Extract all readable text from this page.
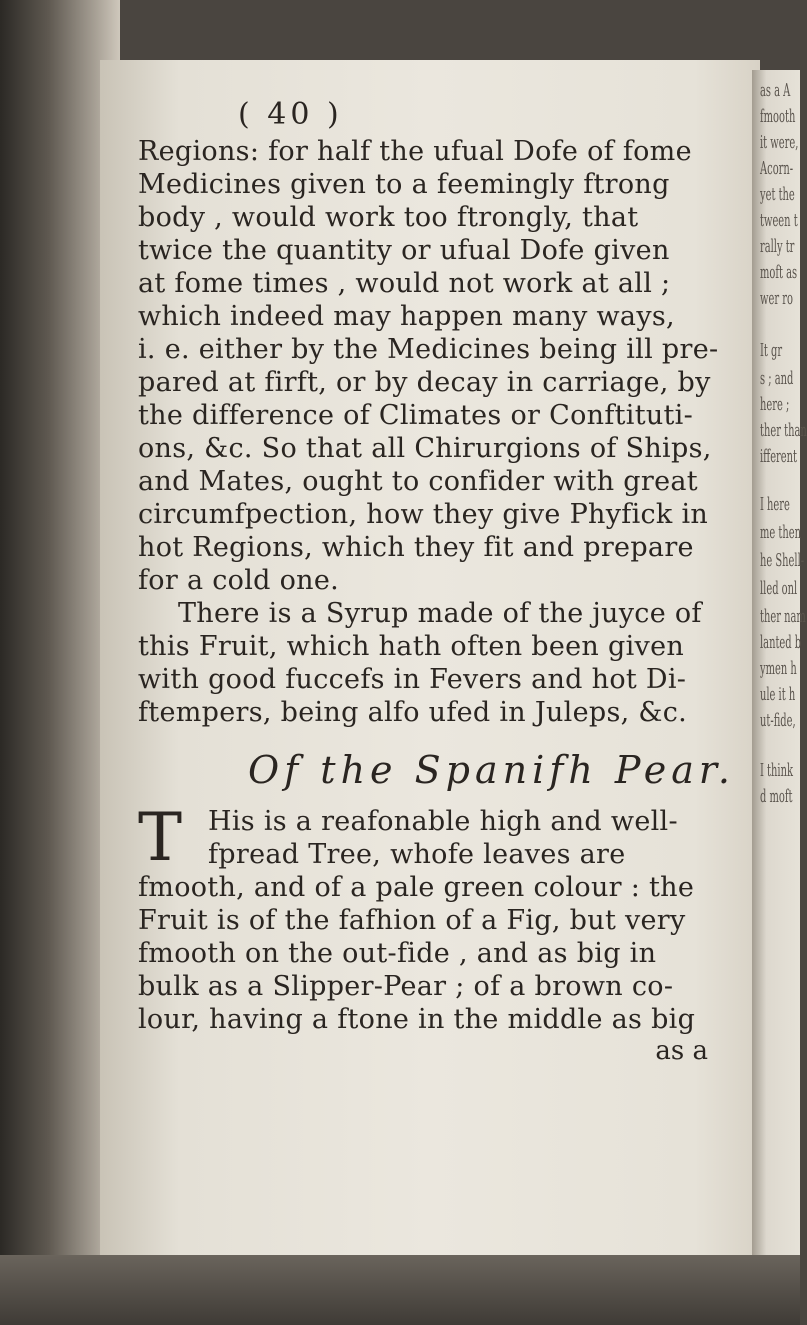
as a A
fmooth
it were,
Acorn-
yet the
tween t
rally tr
moft as
wer ro
It gr
s ; and
here ;
ther than
ifferent
I here
me then
he Shell-
lled onl
ther nam
lanted b
ymen h
ule it h
ut-fide,
I think
d moft
( 40 )
Regions: for half the ufual Dofe of fome
Medicines given to a feemingly ftrong
body , would work too ftrongly, that
twice the quantity or ufual Dofe given
at fome times , would not work at all ;
which indeed may happen many ways,
i. e. either by the Medicines being ill pre-
pared at firft, or by decay in carriage, by
the difference of Climates or Conftituti-
ons, &c. So that all Chirurgions of Ships,
and Mates, ought to confider with great
circumfpection, how they give Phyfick in
hot Regions, which they fit and prepare
for a cold one.
There is a Syrup made of the juyce of
this Fruit, which hath often been given
with good fuccefs in Fevers and hot Di-
ftempers, being alfo ufed in Juleps, &c.
Of the Spanifh Pear.
T His is a reafonable high and well-
fpread Tree, whofe leaves are
fmooth, and of a pale green colour : the
Fruit is of the fafhion of a Fig, but very
fmooth on the out-fide , and as big in
bulk as a Slipper-Pear ; of a brown co-
lour, having a ftone in the middle as big
as a
